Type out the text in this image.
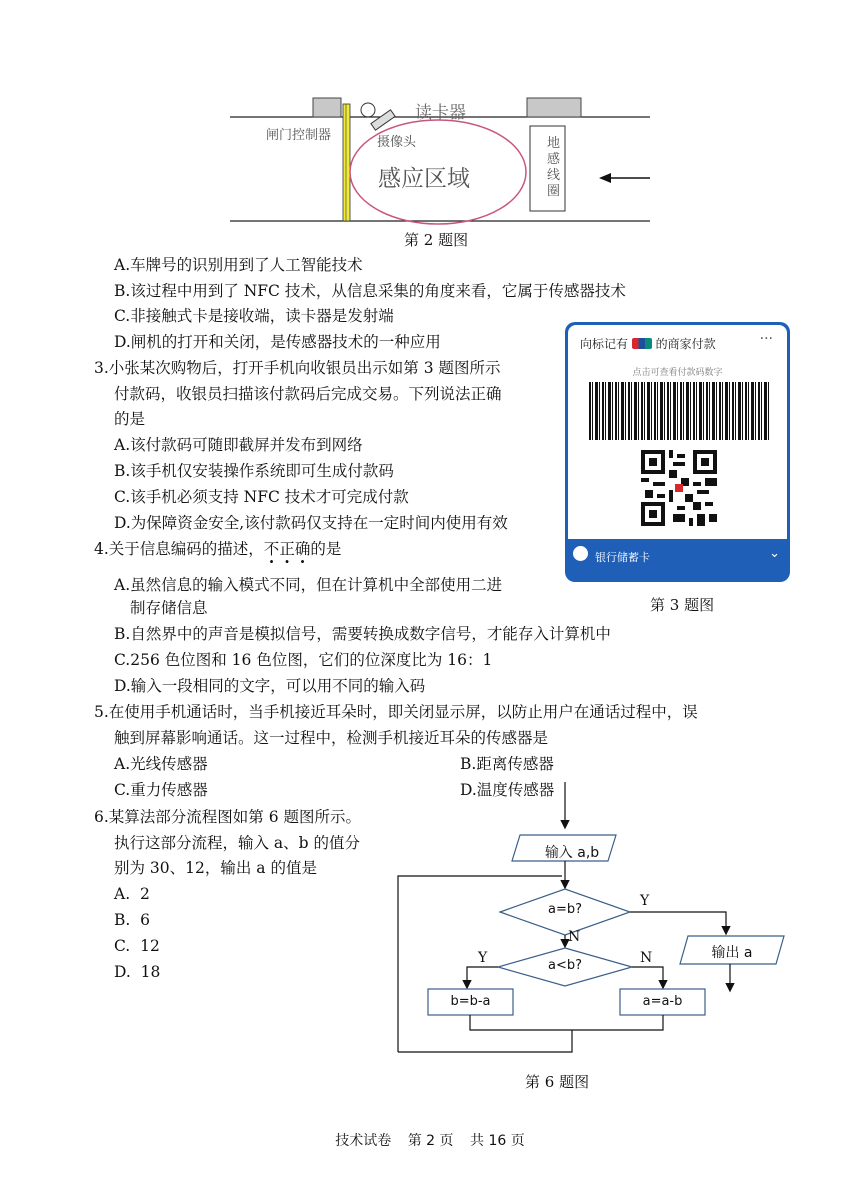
读卡器
闸门控制器	摄像头
感应区域
地感线圈
第 2 题图
A.车牌号的识别用到了人工智能技术
B.该过程中用到了 NFC 技术，从信息采集的角度来看，它属于传感器技术
C.非接触式卡是接收端，读卡器是发射端
D.闸机的打开和关闭，是传感器技术的一种应用
3.小张某次购物后，打开手机向收银员出示如第 3 题图所示
付款码，收银员扫描该付款码后完成交易。下列说法正确
的是
A.该付款码可随即截屏并发布到网络
B.该手机仅安装操作系统即可生成付款码
C.该手机必须支持 NFC 技术才可完成付款
D.为保障资金安全,该付款码仅支持在一定时间内使用有效
向标记有 的商家付款	···
点击可查看付款码数字
银行储蓄卡	⌄
第 3 题图
4.关于信息编码的描述，不正确的是
A.虽然信息的输入模式不同，但在计算机中全部使用二进
制存储信息
B.自然界中的声音是模拟信号，需要转换成数字信号，才能存入计算机中
C.256 色位图和 16 色位图，它们的位深度比为 16：1
D.输入一段相同的文字，可以用不同的输入码
5.在使用手机通话时，当手机接近耳朵时，即关闭显示屏，以防止用户在通话过程中，误
触到屏幕影响通话。这一过程中，检测手机接近耳朵的传感器是
A.光线传感器	B.距离传感器
C.重力传感器	D.温度传感器
6.某算法部分流程图如第 6 题图所示。
执行这部分流程，输入 a、b 的值分
别为 30、12，输出 a 的值是
A.  2
B.  6
C.  12
D.  18
输入 a,b
a=b?
Y
N
输出 a
a<b?
Y	N
b=b-a	a=a-b
第 6 题图
技术试卷 第 2 页 共 16 页
